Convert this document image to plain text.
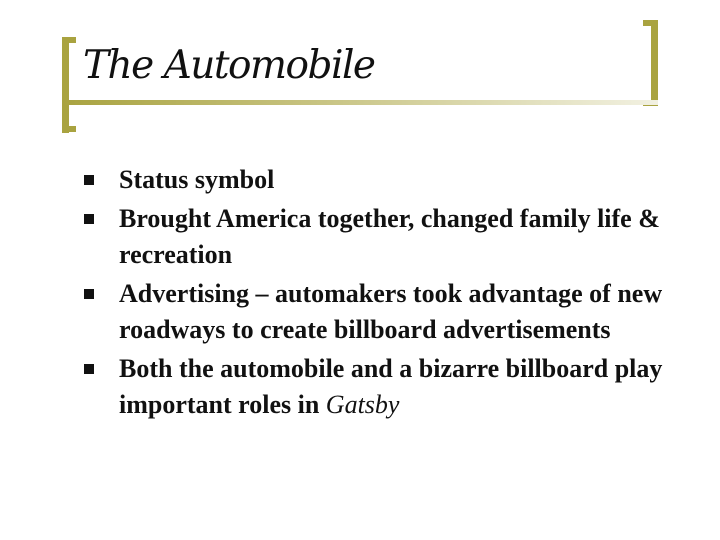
The Automobile
Status symbol
Brought America together, changed family life & recreation
Advertising – automakers took advantage of new roadways to create billboard advertisements
Both the automobile and a bizarre billboard play important roles in Gatsby
